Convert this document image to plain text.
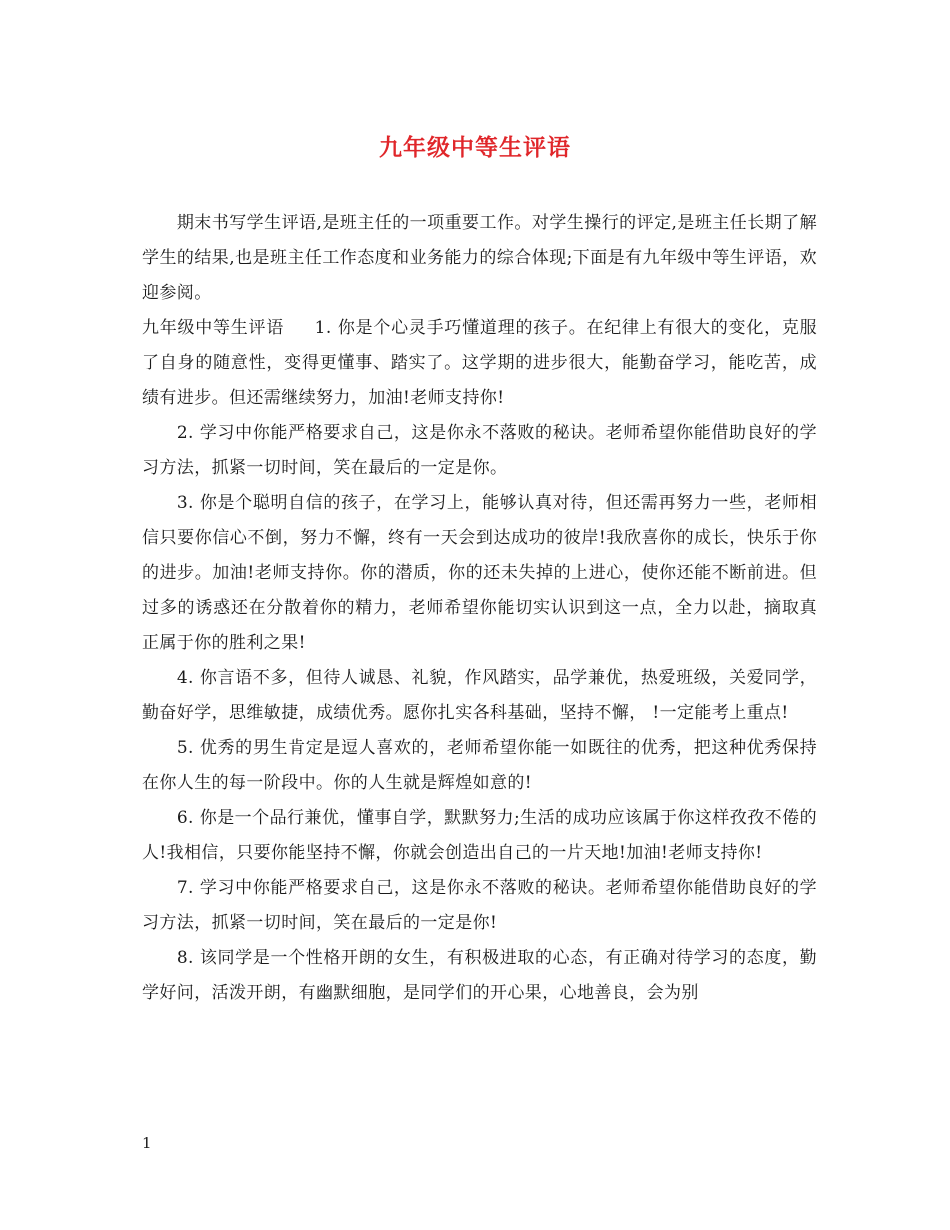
九年级中等生评语

期末书写学生评语,是班主任的一项重要工作。对学生操行的评定,是班主任长期了解学生的结果,也是班主任工作态度和业务能力的综合体现;下面是有九年级中等生评语，欢迎参阅。

九年级中等生评语 1. 你是个心灵手巧懂道理的孩子。在纪律上有很大的变化，克服了自身的随意性，变得更懂事、踏实了。这学期的进步很大，能勤奋学习，能吃苦，成绩有进步。但还需继续努力，加油!老师支持你!

2. 学习中你能严格要求自己，这是你永不落败的秘诀。老师希望你能借助良好的学习方法，抓紧一切时间，笑在最后的一定是你。

3. 你是个聪明自信的孩子，在学习上，能够认真对待，但还需再努力一些，老师相信只要你信心不倒，努力不懈，终有一天会到达成功的彼岸!我欣喜你的成长，快乐于你的进步。加油!老师支持你。你的潜质，你的还未失掉的上进心，使你还能不断前进。但过多的诱惑还在分散着你的精力，老师希望你能切实认识到这一点，全力以赴，摘取真正属于你的胜利之果!

4. 你言语不多，但待人诚恳、礼貌，作风踏实，品学兼优，热爱班级，关爱同学，勤奋好学，思维敏捷，成绩优秀。愿你扎实各科基础，坚持不懈， !一定能考上重点!

5. 优秀的男生肯定是逗人喜欢的，老师希望你能一如既往的优秀，把这种优秀保持在你人生的每一阶段中。你的人生就是辉煌如意的!

6. 你是一个品行兼优，懂事自学，默默努力;生活的成功应该属于你这样孜孜不倦的人!我相信，只要你能坚持不懈，你就会创造出自己的一片天地!加油!老师支持你!

7. 学习中你能严格要求自己，这是你永不落败的秘诀。老师希望你能借助良好的学习方法，抓紧一切时间，笑在最后的一定是你!

8. 该同学是一个性格开朗的女生，有积极进取的心态，有正确对待学习的态度，勤学好问，活泼开朗，有幽默细胞，是同学们的开心果，心地善良，会为别

1
